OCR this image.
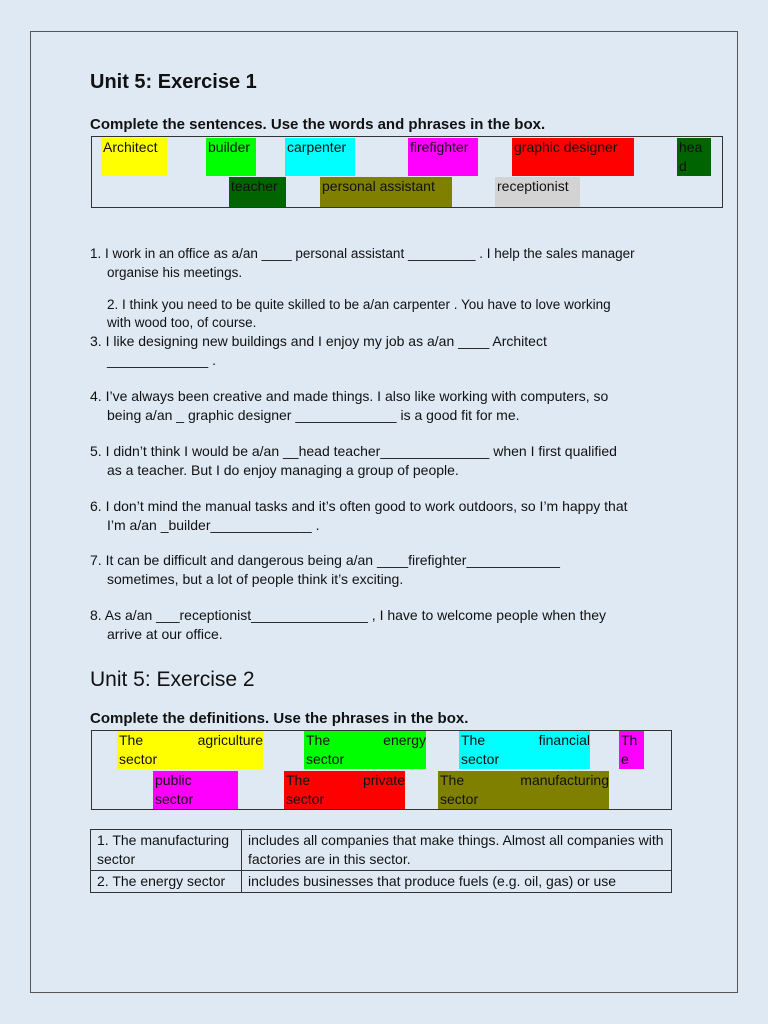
Unit 5: Exercise 1
Complete the sentences. Use the words and phrases in the box.
Architect	builder	carpenter	firefighter	graphic designer	hea d
teacher	personal assistant	receptionist
1. I work in an office as a/an ____ personal assistant _________ . I help the sales manager
organise his meetings.
2. I think you need to be quite skilled to be a/an carpenter . You have to love working
with wood too, of course.
3. I like designing new buildings and I enjoy my job as a/an ____ Architect
_____________ .
4. I’ve always been creative and made things. I also like working with computers, so
being a/an _ graphic designer _____________ is a good fit for me.
5. I didn’t think I would be a/an __head teacher______________ when I first qualified
as a teacher. But I do enjoy managing a group of people.
6. I don’t mind the manual tasks and it’s often good to work outdoors, so I’m happy that
I’m a/an _builder_____________ .
7. It can be difficult and dangerous being a/an ____firefighter____________
sometimes, but a lot of people think it’s exciting.
8. As a/an ___receptionist_______________ , I have to welcome people when they
arrive at our office.
Unit 5: Exercise 2
Complete the definitions. Use the phrases in the box.
The agriculture
sector
The energy
sector
The financial
sector
Th
e
public
sector
The private
sector
The manufacturing
sector
1. The manufacturing sector	includes all companies that make things. Almost all companies with factories are in this sector.
2. The energy sector	includes businesses that produce fuels (e.g. oil, gas) or use
